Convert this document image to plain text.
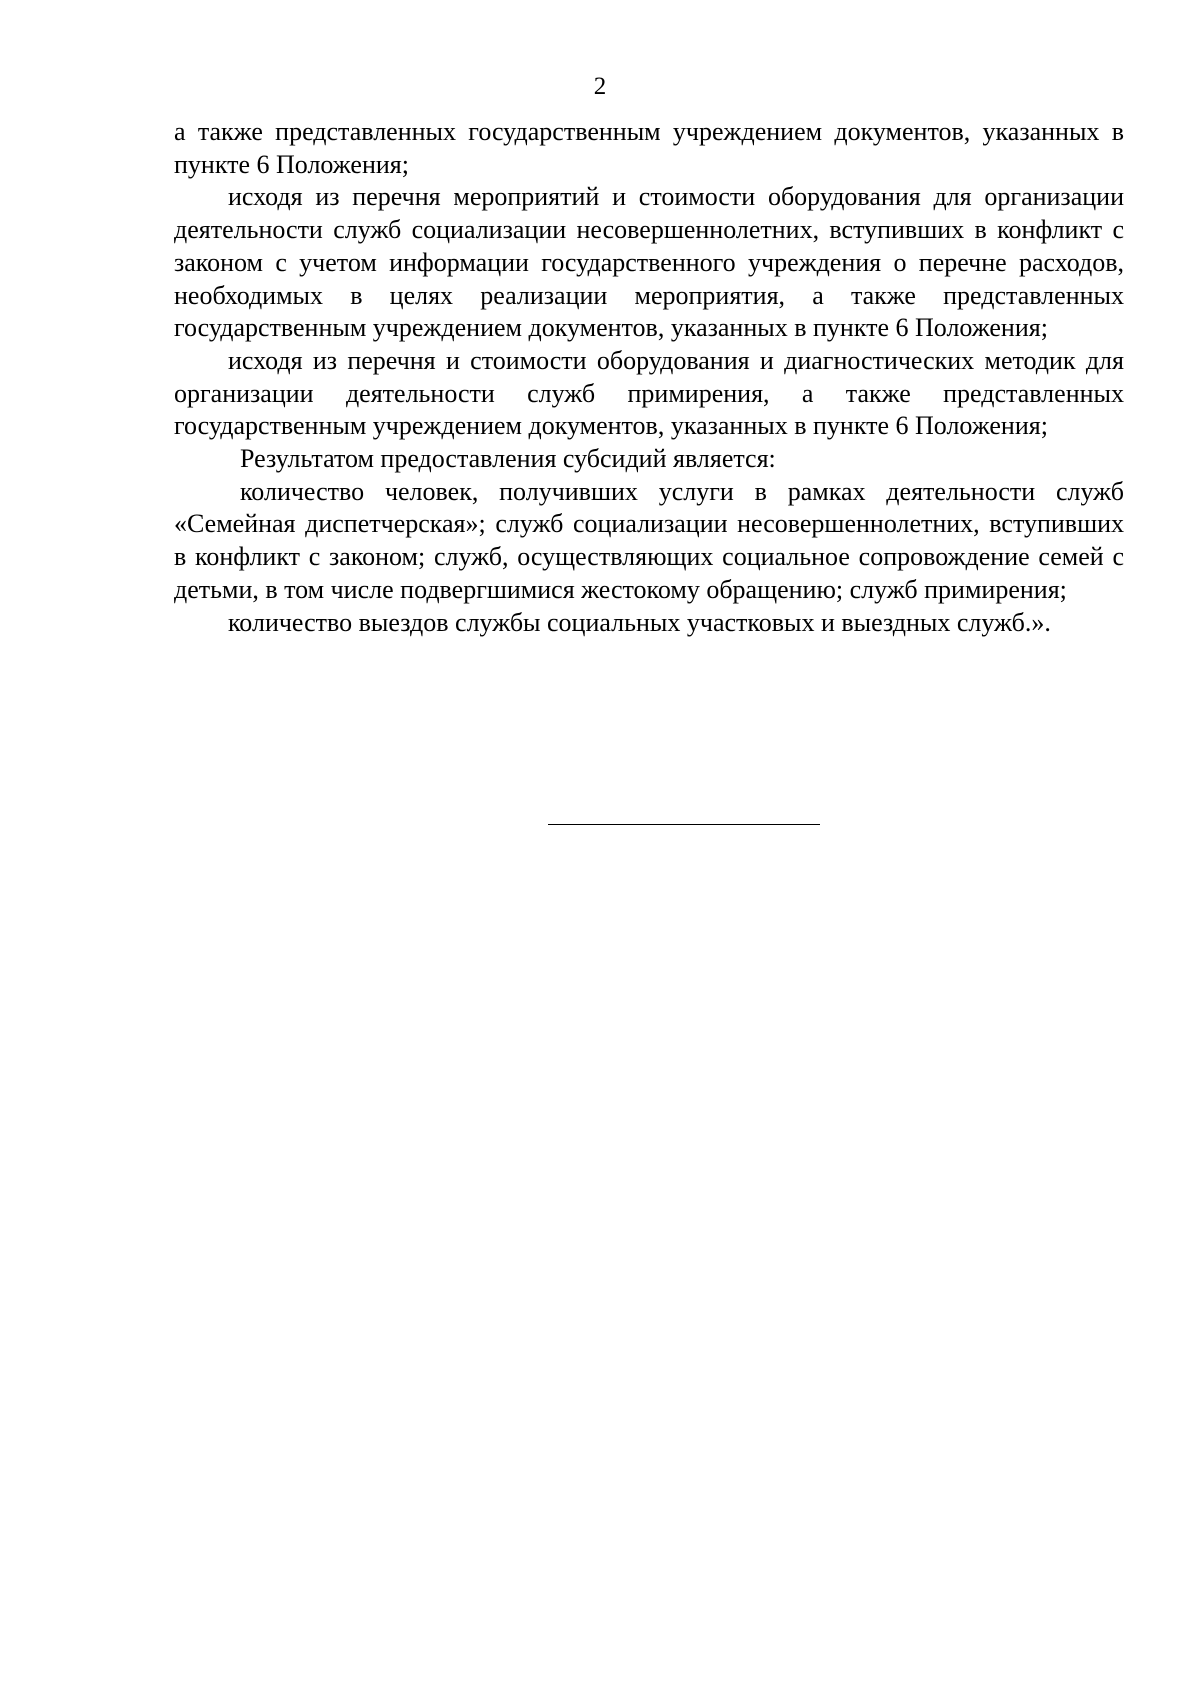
2

а также представленных государственным учреждением документов, указанных в пункте 6 Положения;

исходя из перечня мероприятий и стоимости оборудования для организации деятельности служб социализации несовершеннолетних, вступивших в конфликт с законом с учетом информации государственного учреждения о перечне расходов, необходимых в целях реализации мероприятия, а также представленных государственным учреждением документов, указанных в пункте 6 Положения;

исходя из перечня и стоимости оборудования и диагностических методик для организации деятельности служб примирения, а также представленных государственным учреждением документов, указанных в пункте 6 Положения;

Результатом предоставления субсидий является:

количество человек, получивших услуги в рамках деятельности служб «Семейная диспетчерская»; служб социализации несовершеннолетних, вступивших в конфликт с законом; служб, осуществляющих социальное сопровождение семей с детьми, в том числе подвергшимися жестокому обращению; служб примирения;

количество выездов службы социальных участковых и выездных служб.».
